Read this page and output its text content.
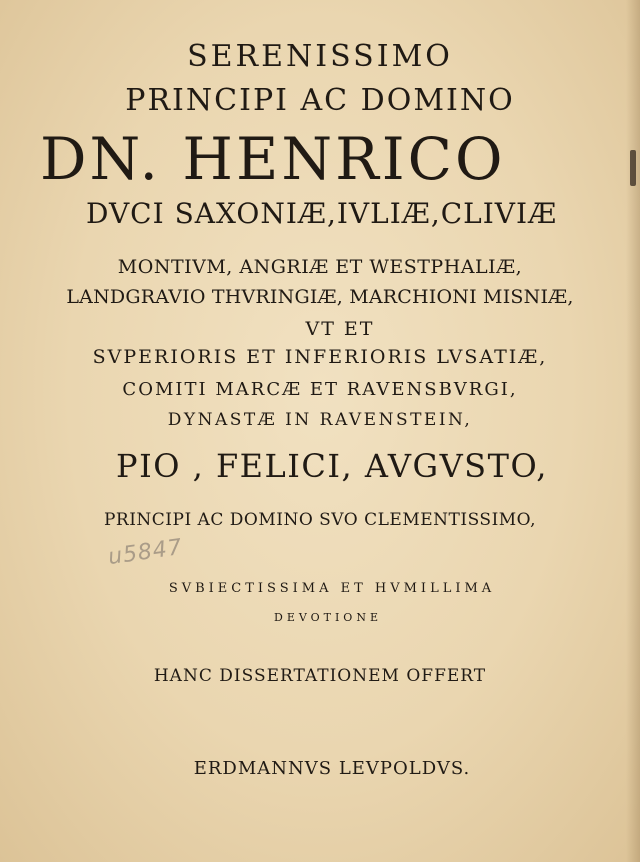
SERENISSIMO
PRINCIPI AC DOMINO
DN. HENRICO
DVCI SAXONIÆ,IVLIÆ,CLIVIÆ
MONTIVM, ANGRIÆ ET WESTPHALIÆ,
LANDGRAVIO THVRINGIÆ, MARCHIONI MISNIÆ,
VT ET
SVPERIORIS ET INFERIORIS LVSATIÆ,
COMITI MARCÆ ET RAVENSBVRGI,
DYNASTÆ IN RAVENSTEIN,
PIO , FELICI, AVGVSTO,
PRINCIPI AC DOMINO SVO CLEMENTISSIMO,
u5847
SVBIECTISSIMA ET HVMILLIMA
DEVOTIONE
HANC DISSERTATIONEM OFFERT
ERDMANNVS LEVPOLDVS.
